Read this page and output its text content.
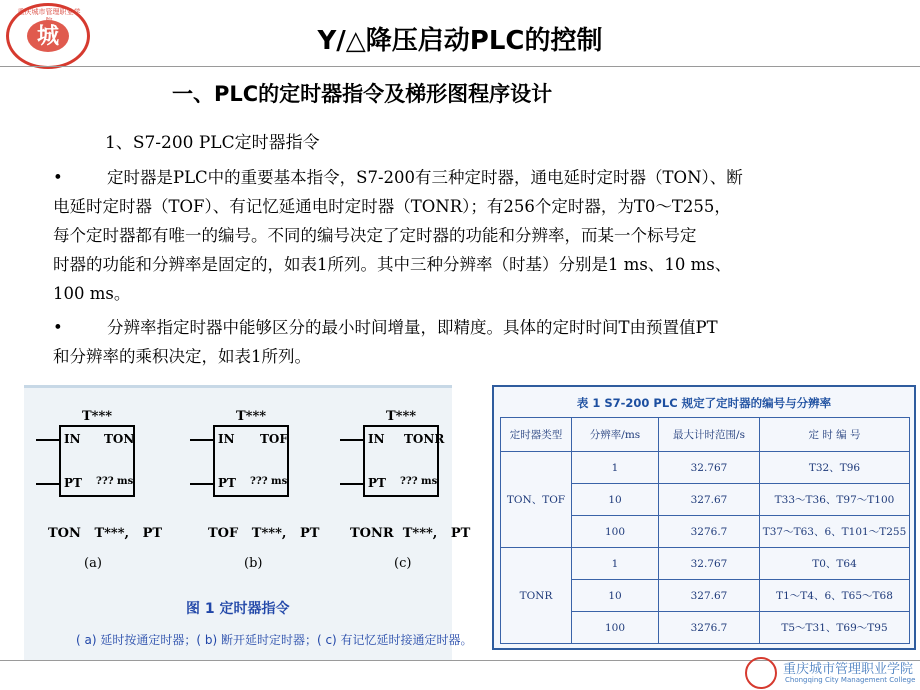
重庆城市管理职业学
城	Y/△降压启动PLC的控制
一、PLC的定时器指令及梯形图程序设计
1、S7-200 PLC定时器指令
•	定时器是PLC中的重要基本指令，S7-200有三种定时器，通电延时定时器（TON）、断
电延时定时器（TOF）、有记忆延通电时定时器（TONR）；有256个定时器，为T0～T255，
每个定时器都有唯一的编号。不同的编号决定了定时器的功能和分辨率，而某一个标号定
时器的功能和分辨率是固定的，如表1所列。其中三种分辨率（时基）分别是1 ms、10 ms、
100 ms。
•	分辨率指定时器中能够区分的最小时间增量，即精度。具体的定时时间T由预置值PT
和分辨率的乘积决定，如表1所列。
T***
IN TON
PT ??? ms
TON   T***,   PT
(a)
T***
IN TOF
PT ??? ms
TOF   T***,   PT
(b)
T***
IN TONR
PT ??? ms
TONR  T***,   PT
(c)
图 1 定时器指令
( a) 延时按通定时器；( b) 断开延时定时器；( c) 有记忆延时接通定时器。
表 1 S7-200 PLC 规定了定时器的编号与分辨率
定时器类型	分辨率/ms	最大计时范围/s	定 时 编 号
TON、TOF	1	32.767	T32、T96
	10	327.67	T33～T36、T97～T100
	100	3276.7	T37～T63、6、T101～T255
TONR	1	32.767	T0、T64
	10	327.67	T1～T4、6、T65～T68
	100	3276.7	T5～T31、T69～T95
重庆城市管理职业学院
Chongqing City Management College
